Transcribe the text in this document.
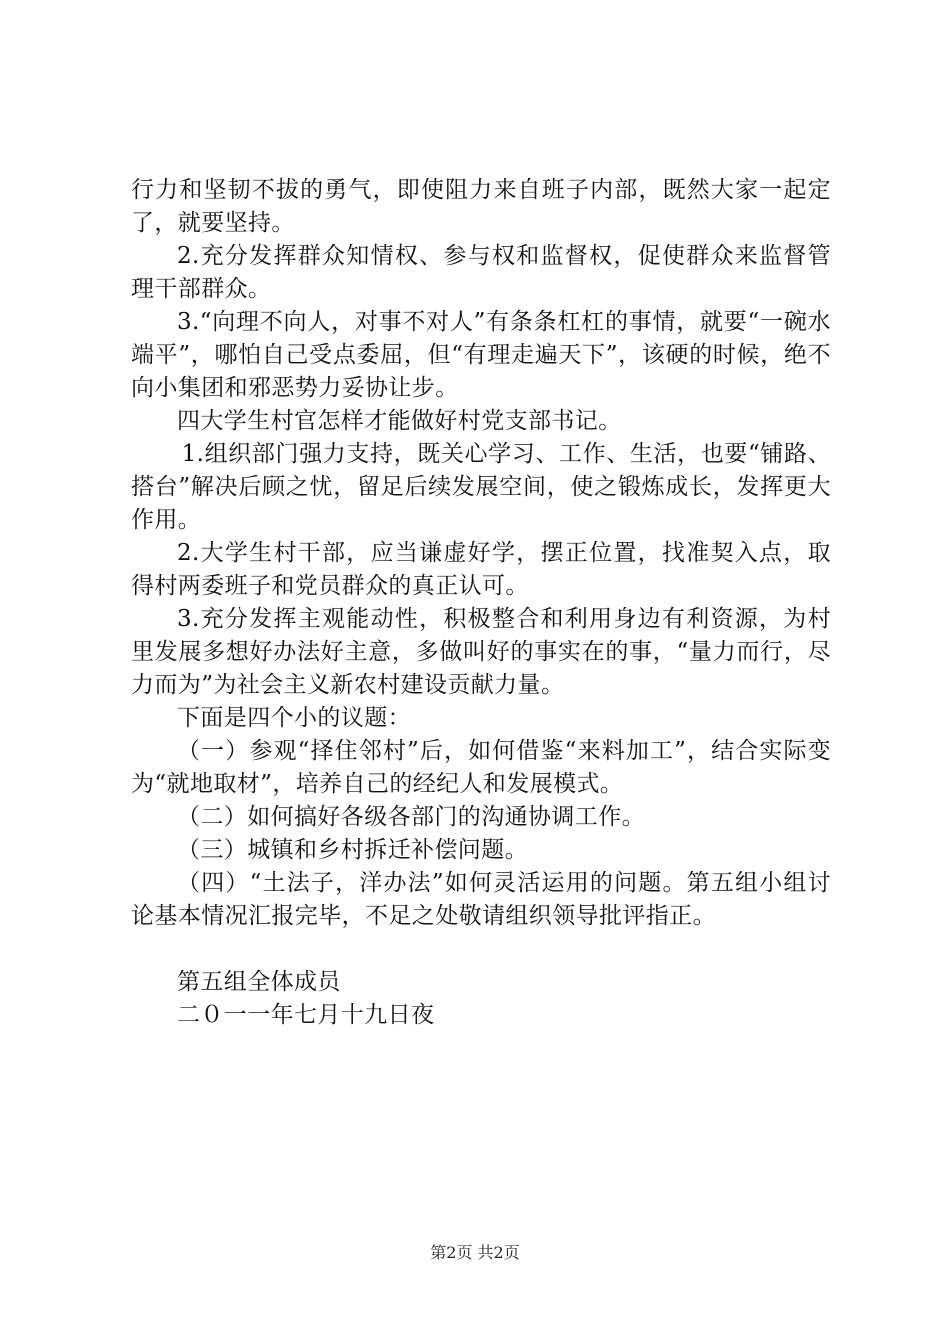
行力和坚韧不拔的勇气，即使阻力来自班子内部，既然大家一起定了，就要坚持。

2.充分发挥群众知情权、参与权和监督权，促使群众来监督管理干部群众。

3.“向理不向人，对事不对人”有条条杠杠的事情，就要“一碗水端平”，哪怕自己受点委屈，但“有理走遍天下”，该硬的时候，绝不向小集团和邪恶势力妥协让步。

四大学生村官怎样才能做好村党支部书记。

1.组织部门强力支持，既关心学习、工作、生活，也要“铺路、搭台”解决后顾之忧，留足后续发展空间，使之锻炼成长，发挥更大作用。

2.大学生村干部，应当谦虚好学，摆正位置，找准契入点，取得村两委班子和党员群众的真正认可。

3.充分发挥主观能动性，积极整合和利用身边有利资源，为村里发展多想好办法好主意，多做叫好的事实在的事，“量力而行，尽力而为”为社会主义新农村建设贡献力量。

下面是四个小的议题：

（一）参观“择住邻村”后，如何借鉴“来料加工”，结合实际变为“就地取材”，培养自己的经纪人和发展模式。

（二）如何搞好各级各部门的沟通协调工作。

（三）城镇和乡村拆迁补偿问题。

（四）“土法子，洋办法”如何灵活运用的问题。第五组小组讨论基本情况汇报完毕，不足之处敬请组织领导批评指正。

第五组全体成员

二０一一年七月十九日夜

第2页 共2页
